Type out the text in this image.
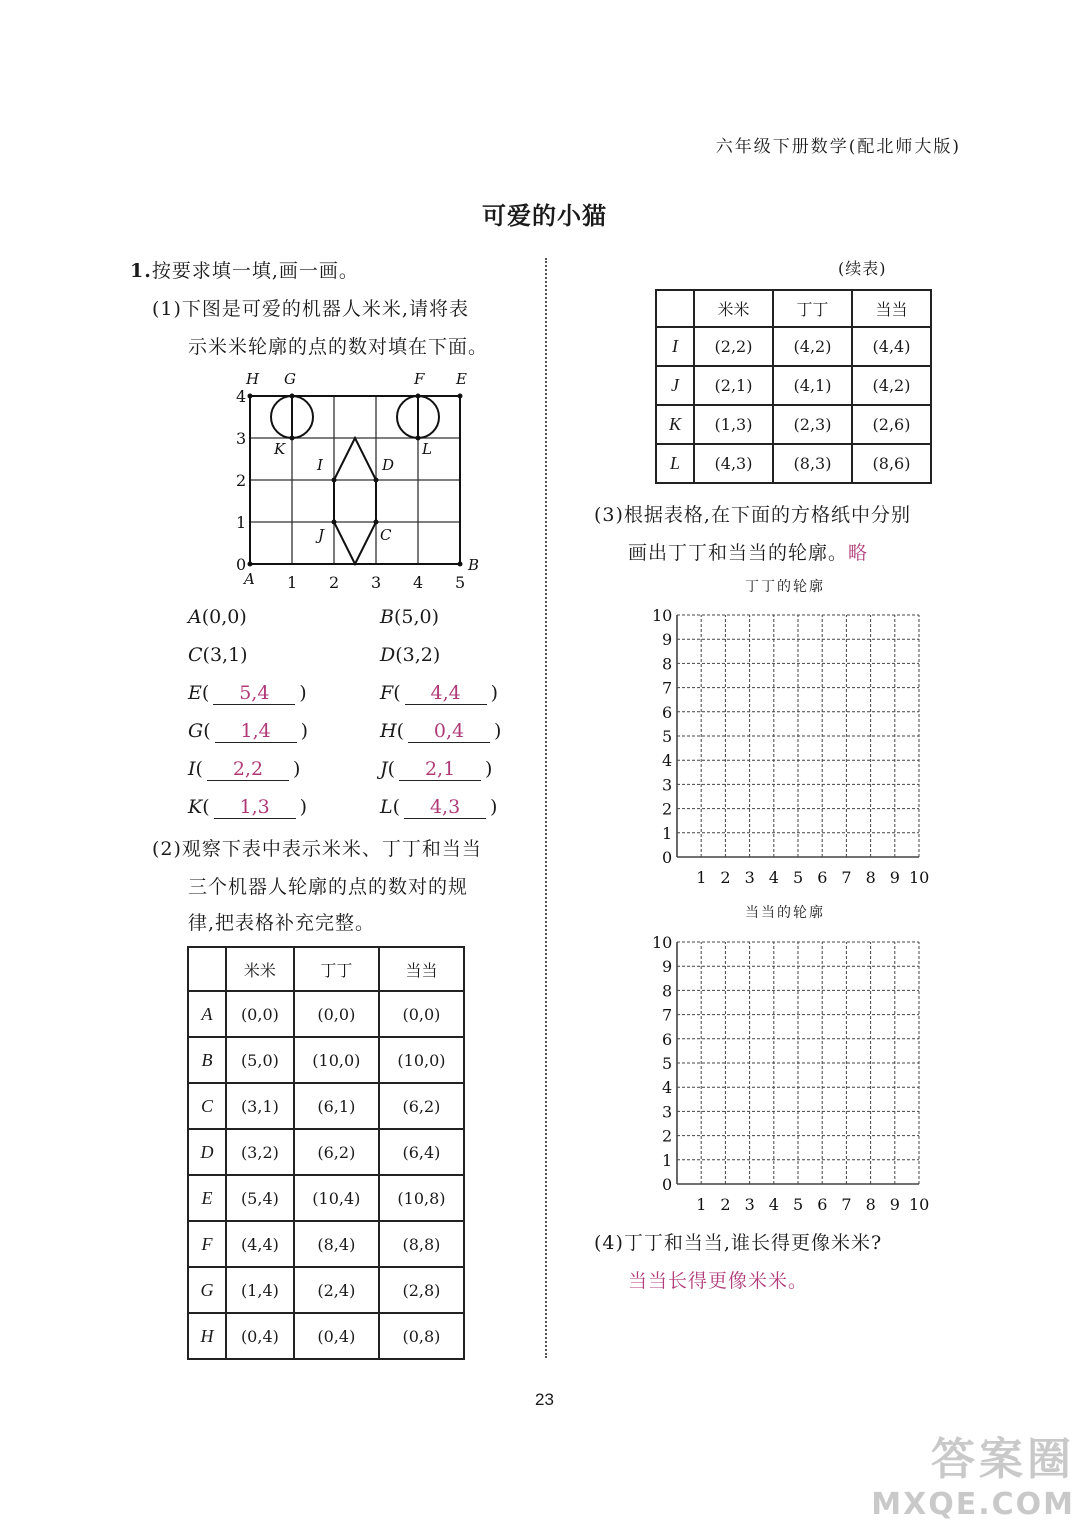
六年级下册数学(配北师大版)
可爱的小猫
1.按要求填一填,画一画。
(1)下图是可爱的机器人米米,请将表
示米米轮廓的点的数对填在下面。
0
1
2
3
4
1 2 3 4 5
A
B
C
D
E
F
G
H
I
J
K	L
A(0,0)	B(5,0)
C(3,1)	D(3,2)
E( 5,4 )	F( 4,4 )
G( 1,4 )	H( 0,4 )
I( 2,2 )	J( 2,1 )
K( 1,3 )	L( 4,3 )
(2)观察下表中表示米米、丁丁和当当
三个机器人轮廓的点的数对的规
律,把表格补充完整。
	米米	丁丁	当当
A	(0,0)	(0,0)	(0,0)
B	(5,0)	(10,0)	(10,0)
C	(3,1)	(6,1)	(6,2)
D	(3,2)	(6,2)	(6,4)
E	(5,4)	(10,4)	(10,8)
F	(4,4)	(8,4)	(8,8)
G	(1,4)	(2,4)	(2,8)
H	(0,4)	(0,4)	(0,8)
(续表)
	米米	丁丁	当当
I	(2,2)	(4,2)	(4,4)
J	(2,1)	(4,1)	(4,2)
K	(1,3)	(2,3)	(2,6)
L	(4,3)	(8,3)	(8,6)
(3)根据表格,在下面的方格纸中分别
画出丁丁和当当的轮廓。略
丁丁的轮廓
0
1
1
2
2
3
3
4
4
5
5
6
6
7
7
8
8
9
9
10
10
当当的轮廓
0
1
1
2
2
3
3
4
4
5
5
6
6
7
7
8
8
9
9
10
10
(4)丁丁和当当,谁长得更像米米?
当当长得更像米米。
23
答案圈
MXQE.COM
